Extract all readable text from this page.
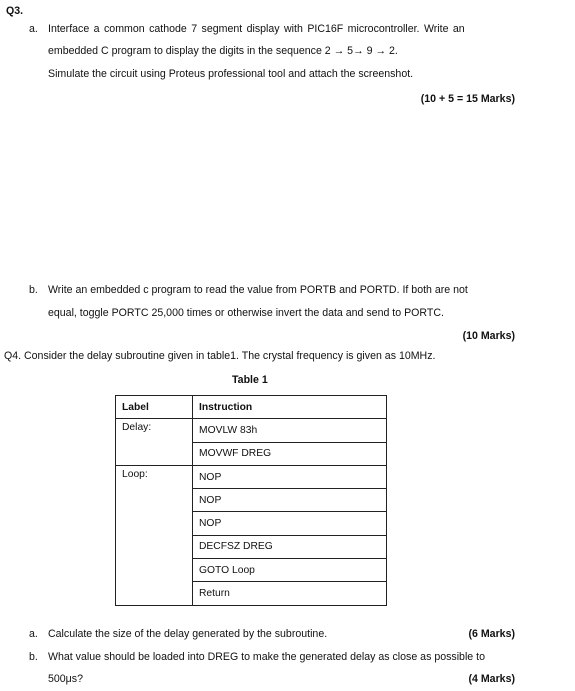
Q3.
a. Interface a common cathode 7 segment display with PIC16F microcontroller. Write an
embedded C program to display the digits in the sequence 2 → 5→ 9 → 2.
Simulate the circuit using Proteus professional tool and attach the screenshot.
(10 + 5 = 15 Marks)
b. Write an embedded c program to read the value from PORTB and PORTD. If both are not
equal, toggle PORTC 25,000 times or otherwise invert the data and send to PORTC.
(10 Marks)
Q4. Consider the delay subroutine given in table1. The crystal frequency is given as 10MHz.
Table 1
Label	Instruction
Delay:	MOVLW 83h
	MOVWF DREG
Loop:	NOP
	NOP
	NOP
	DECFSZ DREG
	GOTO Loop
	Return
a. Calculate the size of the delay generated by the subroutine.	(6 Marks)
b. What value should be loaded into DREG to make the generated delay as close as possible to
500μs?	(4 Marks)
